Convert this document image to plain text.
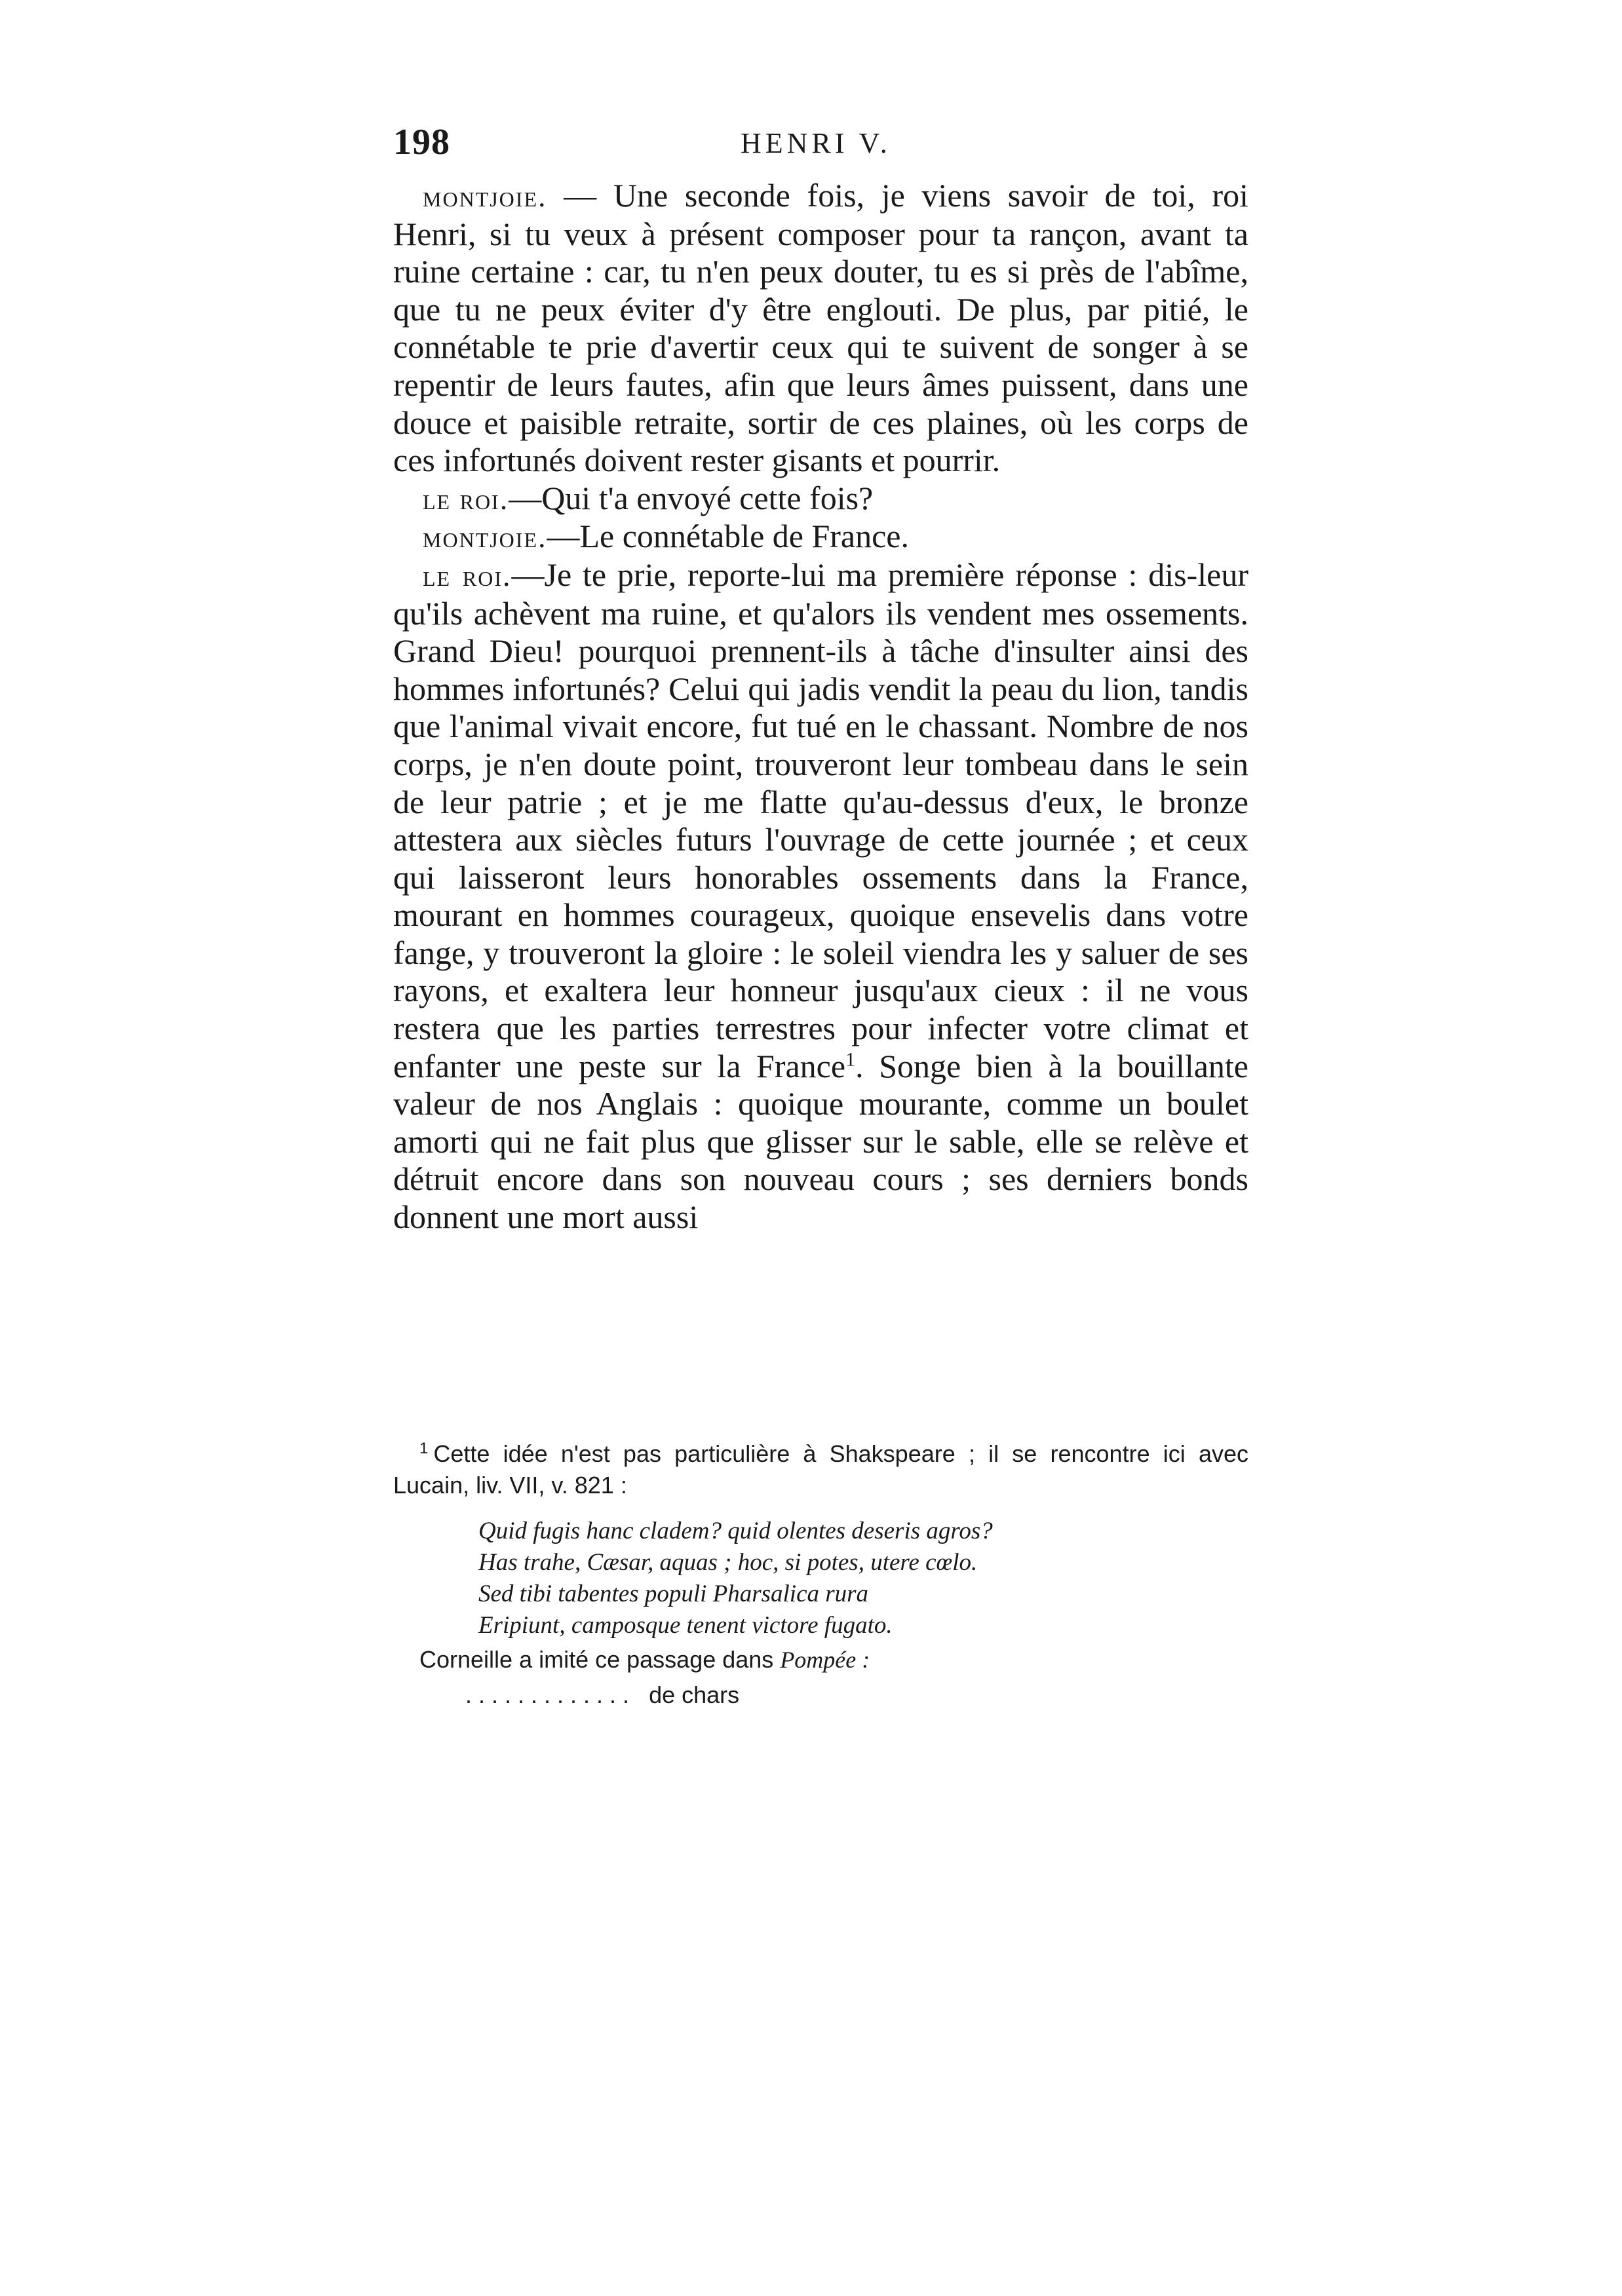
198	HENRI V.

montjoie. — Une seconde fois, je viens savoir de toi, roi Henri, si tu veux à présent composer pour ta rançon, avant ta ruine certaine : car, tu n'en peux douter, tu es si près de l'abîme, que tu ne peux éviter d'y être englouti. De plus, par pitié, le connétable te prie d'avertir ceux qui te suivent de songer à se repentir de leurs fautes, afin que leurs âmes puissent, dans une douce et paisible retraite, sortir de ces plaines, où les corps de ces infortunés doivent rester gisants et pourrir.

le roi.—Qui t'a envoyé cette fois?

montjoie.—Le connétable de France.

le roi.—Je te prie, reporte-lui ma première réponse : dis-leur qu'ils achèvent ma ruine, et qu'alors ils vendent mes ossements. Grand Dieu! pourquoi prennent-ils à tâche d'insulter ainsi des hommes infortunés? Celui qui jadis vendit la peau du lion, tandis que l'animal vivait encore, fut tué en le chassant. Nombre de nos corps, je n'en doute point, trouveront leur tombeau dans le sein de leur patrie ; et je me flatte qu'au-dessus d'eux, le bronze attestera aux siècles futurs l'ouvrage de cette journée ; et ceux qui laisseront leurs honorables ossements dans la France, mourant en hommes courageux, quoique ensevelis dans votre fange, y trouveront la gloire : le soleil viendra les y saluer de ses rayons, et exaltera leur honneur jusqu'aux cieux : il ne vous restera que les parties terrestres pour infecter votre climat et enfanter une peste sur la France$^1$. Songe bien à la bouillante valeur de nos Anglais : quoique mourante, comme un boulet amorti qui ne fait plus que glisser sur le sable, elle se relève et détruit encore dans son nouveau cours ; ses derniers bonds donnent une mort aussi

$^1$ Cette idée n'est pas particulière à Shakspeare ; il se rencontre ici avec Lucain, liv. VII, v. 821 :

Quid fugis hanc cladem? quid olentes deseris agros?
Has trahe, Cæsar, aquas ; hoc, si potes, utere cœlo.
Sed tibi tabentes populi Pharsalica rura
Eripiunt, camposque tenent victore fugato.
Corneille a imité ce passage dans Pompée :
. . . . . . . . . . . . . de chars
